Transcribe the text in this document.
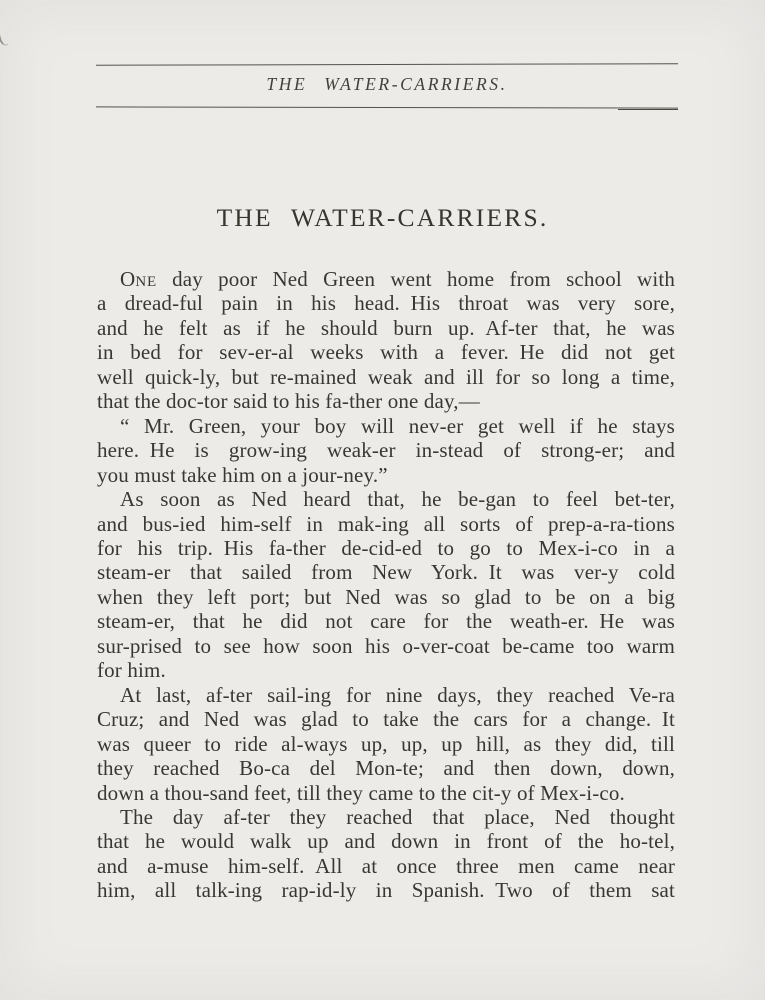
THE WATER-CARRIERS.
THE WATER-CARRIERS.
One day poor Ned Green went home from school with
a dread-ful pain in his head. His throat was very sore,
and he felt as if he should burn up. Af-ter that, he was
in bed for sev-er-al weeks with a fever. He did not get
well quick-ly, but re-mained weak and ill for so long a time,
that the doc-tor said to his fa-ther one day,—
“ Mr. Green, your boy will nev-er get well if he stays
here. He is grow-ing weak-er in-stead of strong-er; and
you must take him on a jour-ney.”
As soon as Ned heard that, he be-gan to feel bet-ter,
and bus-ied him-self in mak-ing all sorts of prep-a-ra-tions
for his trip. His fa-ther de-cid-ed to go to Mex-i-co in a
steam-er that sailed from New York. It was ver-y cold
when they left port; but Ned was so glad to be on a big
steam-er, that he did not care for the weath-er. He was
sur-prised to see how soon his o-ver-coat be-came too warm
for him.
At last, af-ter sail-ing for nine days, they reached Ve-ra
Cruz; and Ned was glad to take the cars for a change. It
was queer to ride al-ways up, up, up hill, as they did, till
they reached Bo-ca del Mon-te; and then down, down,
down a thou-sand feet, till they came to the cit-y of Mex-i-co.
The day af-ter they reached that place, Ned thought
that he would walk up and down in front of the ho-tel,
and a-muse him-self. All at once three men came near
him, all talk-ing rap-id-ly in Spanish. Two of them sat
